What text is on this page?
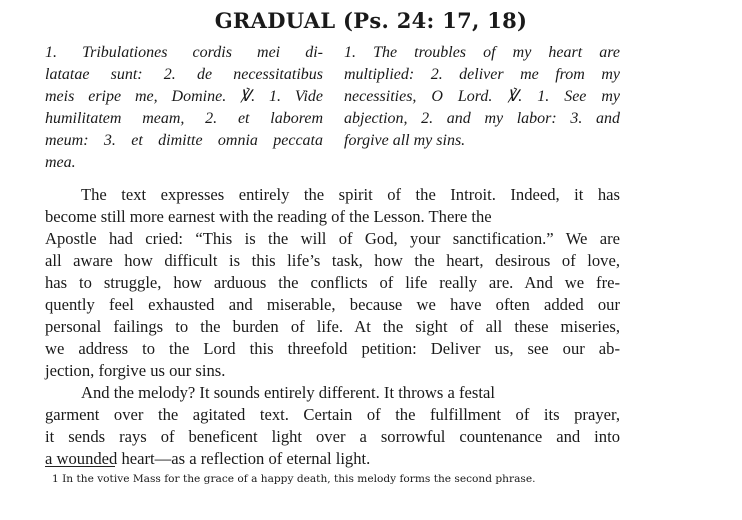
GRADUAL (Ps. 24: 17, 18)
1. Tribulationes cordis mei di-
latatae sunt: 2. de necessitatibus
meis eripe me, Domine. ℣. 1. Vide
humilitatem meam, 2. et laborem
meum: 3. et dimitte omnia peccata
mea.
1. The troubles of my heart are
multiplied: 2. deliver me from my
necessities, O Lord. ℣. 1. See my
abjection, 2. and my labor: 3. and
forgive all my sins.

The text expresses entirely the spirit of the Introit. Indeed, it has
become still more earnest with the reading of the Lesson. There the
Apostle had cried: “This is the will of God, your sanctification.” We are
all aware how difficult is this life’s task, how the heart, desirous of love,
has to struggle, how arduous the conflicts of life really are. And we fre-
quently feel exhausted and miserable, because we have often added our
personal failings to the burden of life. At the sight of all these miseries,
we address to the Lord this threefold petition: Deliver us, see our ab-
jection, forgive us our sins.

And the melody? It sounds entirely different. It throws a festal
garment over the agitated text. Certain of the fulfillment of its prayer,
it sends rays of beneficent light over a sorrowful countenance and into
a wounded heart—as a reflection of eternal light.

1 In the votive Mass for the grace of a happy death, this melody forms the second phrase.
